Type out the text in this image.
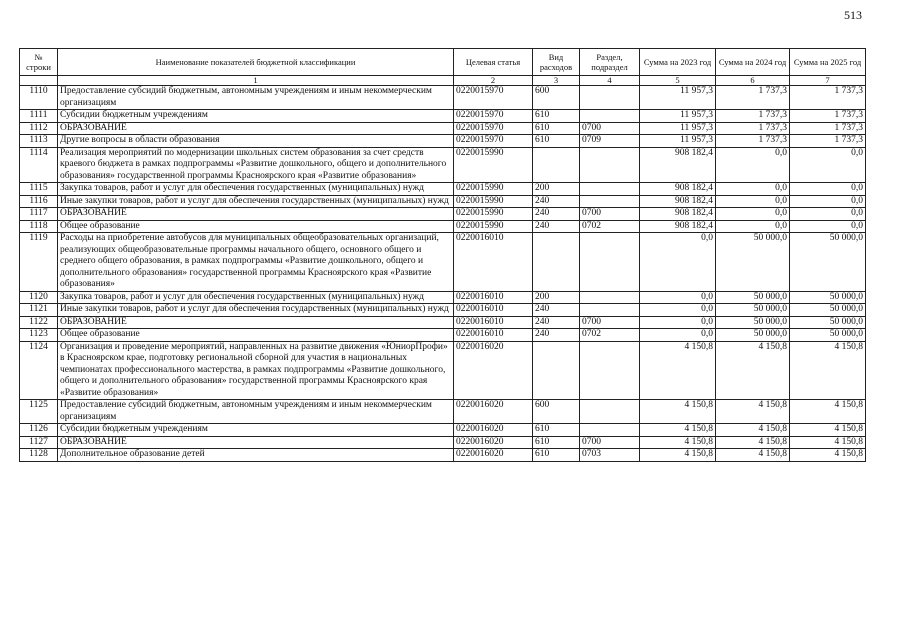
513
№ строки	Наименование показателей бюджетной классификации	Целевая статья	Вид расходов	Раздел, подраздел	Сумма на 2023 год	Сумма на 2024 год	Сумма на 2025 год
	1	2	3	4	5	6	7
1110	Предоставление субсидий бюджетным, автономным учреждениям и иным некоммерческим организациям	0220015970	600		11 957,3	1 737,3	1 737,3
1111	Субсидии бюджетным учреждениям	0220015970	610		11 957,3	1 737,3	1 737,3
1112	ОБРАЗОВАНИЕ	0220015970	610	0700	11 957,3	1 737,3	1 737,3
1113	Другие вопросы в области образования	0220015970	610	0709	11 957,3	1 737,3	1 737,3
1114	Реализация мероприятий по модернизации школьных систем образования за счет средств краевого бюджета в рамках подпрограммы «Развитие дошкольного, общего и дополнительного образования» государственной программы Красноярского края «Развитие образования»	0220015990			908 182,4	0,0	0,0
1115	Закупка товаров, работ и услуг для обеспечения государственных (муниципальных) нужд	0220015990	200		908 182,4	0,0	0,0
1116	Иные закупки товаров, работ и услуг для обеспечения государственных (муниципальных) нужд	0220015990	240		908 182,4	0,0	0,0
1117	ОБРАЗОВАНИЕ	0220015990	240	0700	908 182,4	0,0	0,0
1118	Общее образование	0220015990	240	0702	908 182,4	0,0	0,0
1119	Расходы на приобретение автобусов для муниципальных общеобразовательных организаций, реализующих общеобразовательные программы начального общего, основного общего и среднего общего образования, в рамках подпрограммы «Развитие дошкольного, общего и дополнительного образования» государственной программы Красноярского края «Развитие образования»	0220016010			0,0	50 000,0	50 000,0
1120	Закупка товаров, работ и услуг для обеспечения государственных (муниципальных) нужд	0220016010	200		0,0	50 000,0	50 000,0
1121	Иные закупки товаров, работ и услуг для обеспечения государственных (муниципальных) нужд	0220016010	240		0,0	50 000,0	50 000,0
1122	ОБРАЗОВАНИЕ	0220016010	240	0700	0,0	50 000,0	50 000,0
1123	Общее образование	0220016010	240	0702	0,0	50 000,0	50 000,0
1124	Организация и проведение мероприятий, направленных на развитие движения «ЮниорПрофи» в Красноярском крае, подготовку региональной сборной для участия в национальных чемпионатах профессионального мастерства, в рамках подпрограммы «Развитие дошкольного, общего и дополнительного образования» государственной программы Красноярского края «Развитие образования»	0220016020			4 150,8	4 150,8	4 150,8
1125	Предоставление субсидий бюджетным, автономным учреждениям и иным некоммерческим организациям	0220016020	600		4 150,8	4 150,8	4 150,8
1126	Субсидии бюджетным учреждениям	0220016020	610		4 150,8	4 150,8	4 150,8
1127	ОБРАЗОВАНИЕ	0220016020	610	0700	4 150,8	4 150,8	4 150,8
1128	Дополнительное образование детей	0220016020	610	0703	4 150,8	4 150,8	4 150,8
